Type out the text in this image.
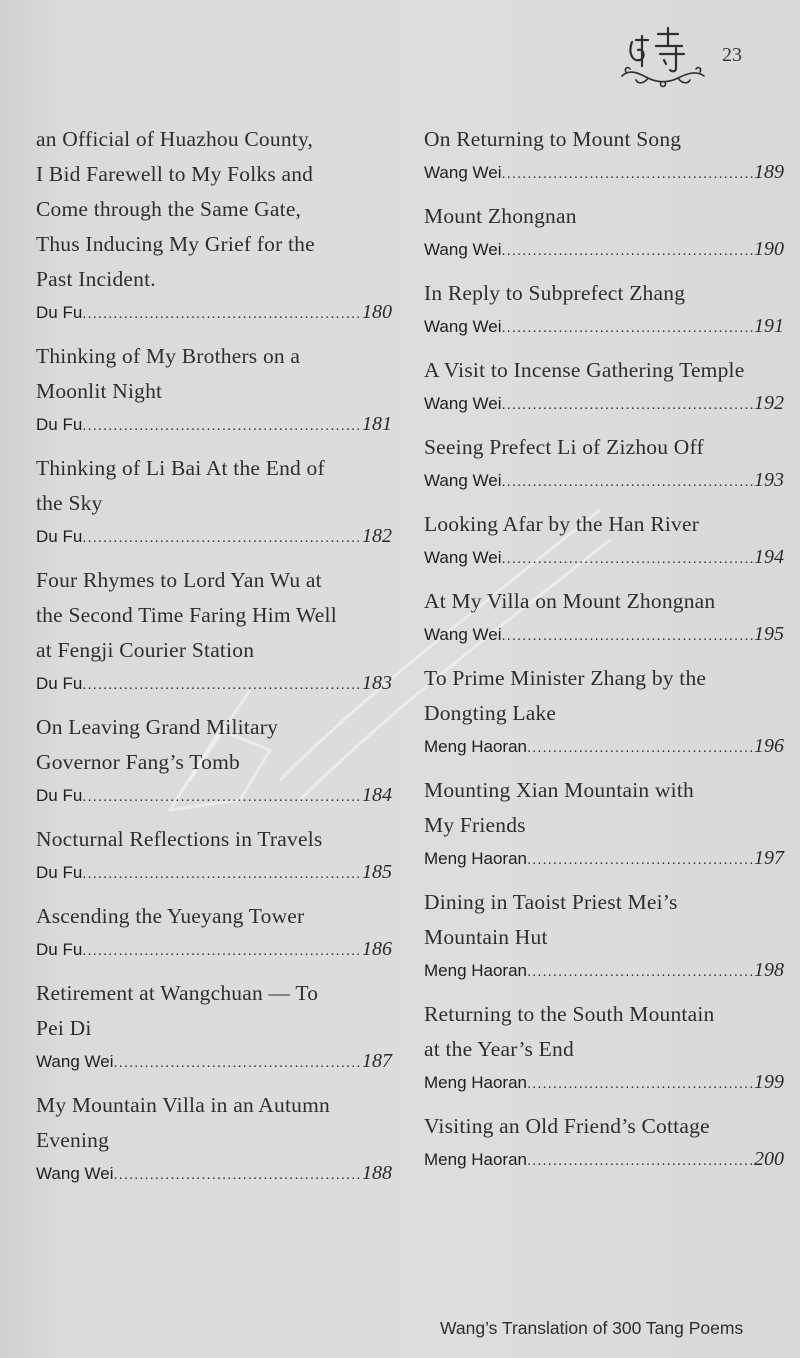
23
an Official of Huazhou County,
I Bid Farewell to My Folks and
Come through the Same Gate,
Thus Inducing My Grief for the
Past Incident.
Du Fu .....	180
Thinking of My Brothers on a
Moonlit Night
Du Fu .....	181
Thinking of Li Bai At the End of
the Sky
Du Fu .....	182
Four Rhymes to Lord Yan Wu at
the Second Time Faring Him Well
at Fengji Courier Station
Du Fu .....	183
On Leaving Grand Military
Governor Fang’s Tomb
Du Fu .....	184
Nocturnal Reflections in Travels
Du Fu .....	185
Ascending the Yueyang Tower
Du Fu .....	186
Retirement at Wangchuan — To
Pei Di
Wang Wei .....	187
My Mountain Villa in an Autumn
Evening
Wang Wei .....	188
On Returning to Mount Song
Wang Wei .....	189
Mount Zhongnan
Wang Wei .....	190
In Reply to Subprefect Zhang
Wang Wei .....	191
A Visit to Incense Gathering Temple
Wang Wei .....	192
Seeing Prefect Li of Zizhou Off
Wang Wei .....	193
Looking Afar by the Han River
Wang Wei .....	194
At My Villa on Mount Zhongnan
Wang Wei .....	195
To Prime Minister Zhang by the
Dongting Lake
Meng Haoran .....	196
Mounting Xian Mountain with
My Friends
Meng Haoran .....	197
Dining in Taoist Priest Mei’s
Mountain Hut
Meng Haoran .....	198
Returning to the South Mountain
at the Year’s End
Meng Haoran .....	199
Visiting an Old Friend’s Cottage
Meng Haoran .....	200
Wang’s Translation of 300 Tang Poems
